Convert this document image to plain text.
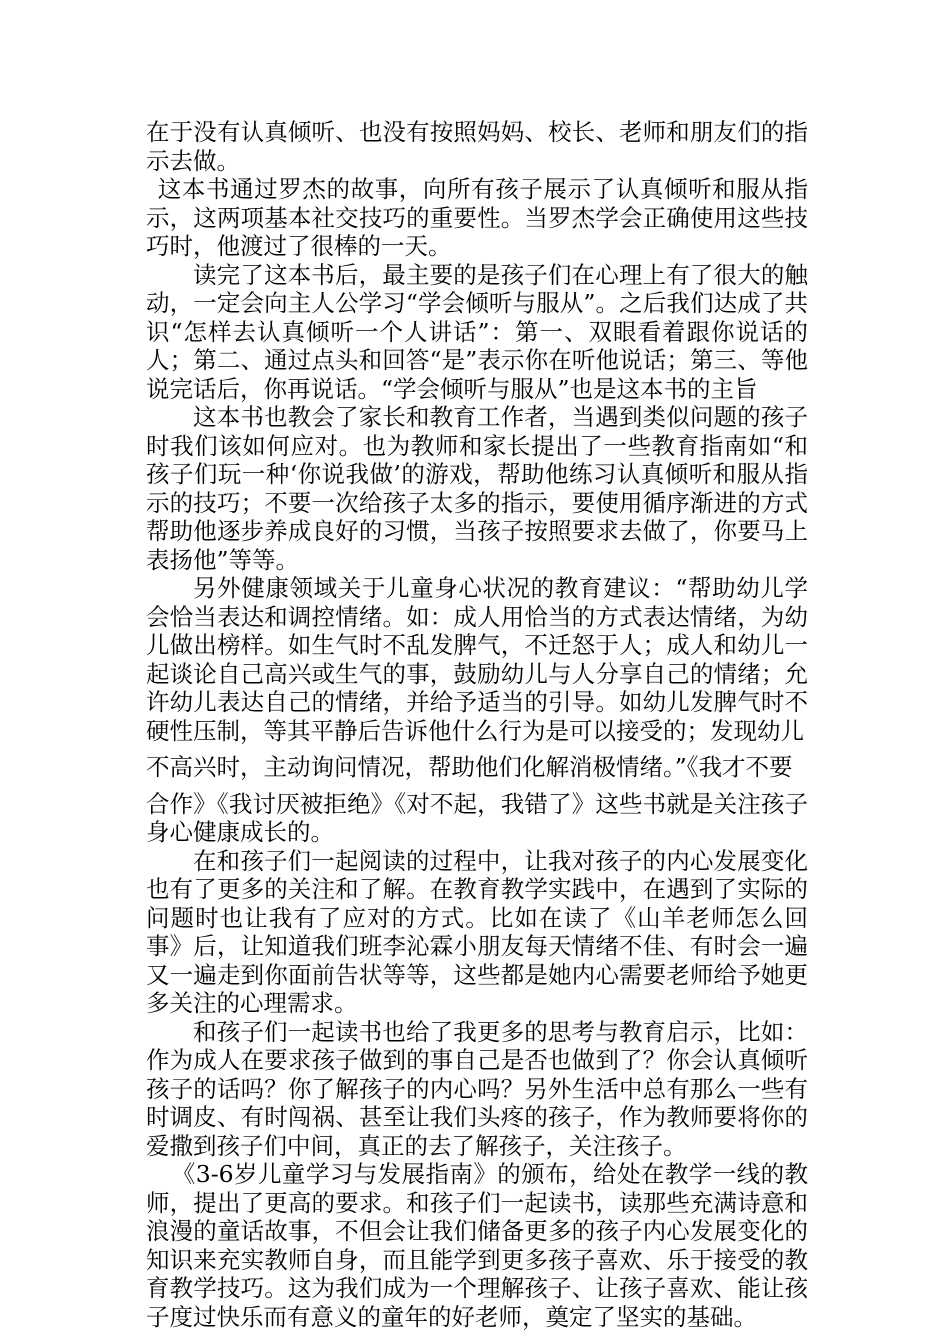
在于没有认真倾听、也没有按照妈妈、校长、老师和朋友们的指示去做。

这本书通过罗杰的故事，向所有孩子展示了认真倾听和服从指示，这两项基本社交技巧的重要性。当罗杰学会正确使用这些技巧时，他渡过了很棒的一天。

读完了这本书后，最主要的是孩子们在心理上有了很大的触动，一定会向主人公学习“学会倾听与服从”。之后我们达成了共识“怎样去认真倾听一个人讲话”：第一、双眼看着跟你说话的人；第二、通过点头和回答“是”表示你在听他说话；第三、等他说完话后，你再说话。“学会倾听与服从”也是这本书的主旨

这本书也教会了家长和教育工作者，当遇到类似问题的孩子时我们该如何应对。也为教师和家长提出了一些教育指南如“和孩子们玩一种‘你说我做’的游戏，帮助他练习认真倾听和服从指示的技巧；不要一次给孩子太多的指示，要使用循序渐进的方式帮助他逐步养成良好的习惯，当孩子按照要求去做了，你要马上表扬他”等等。

另外健康领域关于儿童身心状况的教育建议：“帮助幼儿学会恰当表达和调控情绪。如：成人用恰当的方式表达情绪，为幼儿做出榜样。如生气时不乱发脾气，不迁怒于人；成人和幼儿一起谈论自己高兴或生气的事，鼓励幼儿与人分享自己的情绪；允许幼儿表达自己的情绪，并给予适当的引导。如幼儿发脾气时不硬性压制，等其平静后告诉他什么行为是可以接受的；发现幼儿

不高兴时，主动询问情况，帮助他们化解消极情绪。”《我才不要

合作》《我讨厌被拒绝》《对不起，我错了》这些书就是关注孩子身心健康成长的。

在和孩子们一起阅读的过程中，让我对孩子的内心发展变化也有了更多的关注和了解。在教育教学实践中，在遇到了实际的问题时也让我有了应对的方式。比如在读了《山羊老师怎么回事》后，让知道我们班李沁霖小朋友每天情绪不佳、有时会一遍又一遍走到你面前告状等等，这些都是她内心需要老师给予她更多关注的心理需求。

和孩子们一起读书也给了我更多的思考与教育启示，比如：作为成人在要求孩子做到的事自己是否也做到了？你会认真倾听孩子的话吗？你了解孩子的内心吗？另外生活中总有那么一些有时调皮、有时闯祸、甚至让我们头疼的孩子，作为教师要将你的爱撒到孩子们中间，真正的去了解孩子，关注孩子。

《3-6岁儿童学习与发展指南》的颁布，给处在教学一线的教师，提出了更高的要求。和孩子们一起读书，读那些充满诗意和浪漫的童话故事，不但会让我们储备更多的孩子内心发展变化的知识来充实教师自身，而且能学到更多孩子喜欢、乐于接受的教育教学技巧。这为我们成为一个理解孩子、让孩子喜欢、能让孩子度过快乐而有意义的童年的好老师，奠定了坚实的基础。
